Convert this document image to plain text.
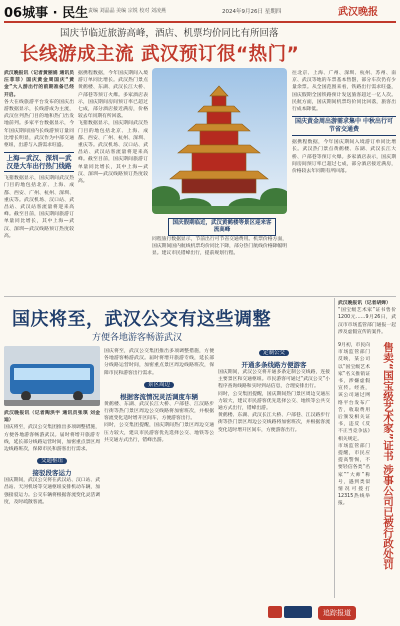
06城事 · 民生 责编 刘晶晶 美编 宗锐 校对 刘凌燕	2024年9月26日 星期四	武汉晚报
国庆节临近旅游高峰，酒店、机票均价同比有所回落
长线游成主流 武汉预订很“热门”
武汉晚报讯（记者黄丽娟 通讯员汪菲菲）国庆黄金周国庆“黄金”大人游出行的前期准备已经开启。
各大在线旅游平台发布的国庆出游数据显示，长线游成为主流，武汉位列热门目的地和热门出发地前列。多家平台数据显示，今年国庆期间国内长线游预订量同比增长明显，武汉作为中部交通枢纽，出游与入游需求旺盛。
上海—武汉、深圳—武汉是大车出行热门线路
飞猪数据显示，国庆期间武汉热门目的地包括北京、上海、成都、西安、广州、杭州、深圳、重庆等。武汉机场、汉口站、武昌站、武汉站客流量将迎来高峰。截至目前，国庆期间旅游订单量同比增长，其中上海—武汉、深圳—武汉线路预订热度较高。
据携程数据，今年国庆期间入境游订单同比增长。武汉热门景点黄鹤楼、东湖、武汉长江大桥、户部巷等预订火爆。多家酒店表示，国庆期间房间预订率已超过七成，部分酒店接近满房，价格较去年同期有所回落。
飞猪数据显示，国庆期间武汉热门目的地包括北京、上海、成都、西安、广州、杭州、深圳、重庆等。武汉机场、汉口站、武昌站、武汉站客流量将迎来高峰。截至目前，国庆期间旅游订单量同比增长，其中上海—武汉、深圳—武汉线路预订热度较高。
国庆假期临近，武汉黄鹤楼等景区迎来客流高峰
同程旅行数据显示，节前出行可节省交通费用。机票价格方面，国庆期间国内航线机票均价同比下降，部分热门航线价格降幅明显。建议市民错峰出行，提前规划行程。
往北京、上海、广州、深圳、杭州、苏州、南京、武汉等地的车票基本售罄，部分车次仍有少量余票。从全国范围来看，铁路出行需求旺盛，国庆假期全国铁路预计发送旅客超过一亿人次。民航方面，国庆期间机票均价同比回落，旅客出行成本降低。
国庆黄金周出游需求集中 中秋出行可节省交通费
据携程数据，今年国庆期间入境游订单同比增长。武汉热门景点黄鹤楼、东湖、武汉长江大桥、户部巷等预订火爆。多家酒店表示，国庆期间房间预订率已超过七成，部分酒店接近满房，价格较去年同期有所回落。
国庆将至，武汉公交有这些调整
方便各地游客畅游武汉
武汉晚报讯（记者陶洪宇 通讯员张琪 刘金迪）
国庆将至，武汉公交集团推出多项调整措施，方便各地游客畅游武汉。届时将增开旅游专线，延长部分线路运营时间，加密重点景区周边线路班次，保障市民和游客出行需求。
交通枢纽
接驳段客运力
国庆期间，武汉公交将在武汉站、汉口站、武昌站、天河机场等交通枢纽安排机动车辆，加强接驳运力。公交车辆将根据客流变化灵活调度，及时疏散客流。
国庆将至，武汉公交集团推出多项调整措施，方便各地游客畅游武汉。届时将增开旅游专线，延长部分线路运营时间，加密重点景区周边线路班次，保障市民和游客出行需求。
景区周边
根据客流情况灵活调度车辆
黄鹤楼、东湖、武汉长江大桥、户部巷、江汉路步行街等热门景区周边公交线路将加密班次，并根据客流变化适时增开区间车，方便游客出行。
同时，公交集团提醒，国庆期间热门景区周边交通压力较大，建议市民游客优先选择公交、地铁等公共交通方式出行，错峰出游。
定制公交
开通多条线路方便游客
国庆期间，武汉公交将开通多条定制公交线路，连接主要景区和交通枢纽。市民游客可通过“武汉公交”小程序查询线路和实时到站信息，合理安排出行。
同时，公交集团提醒，国庆期间热门景区周边交通压力较大，建议市民游客优先选择公交、地铁等公共交通方式出行，错峰出游。
黄鹤楼、东湖、武汉长江大桥、户部巷、江汉路步行街等热门景区周边公交线路将加密班次，并根据客流变化适时增开区间车，方便游客出行。
武汉晚报讯（记者胡婵）
“国宝级艺术家”证书售价1200元……9月26日，武汉市市场监管部门通报一起涉及虚假宣传的案件。
售卖“国宝级艺术家”证书 涉事公司已被行政处罚
9月初，市民向市场监管部门反映，某公司以“国宝级艺术家”名义推销证书，涉嫌虚假宣传。经查，该公司通过网络平台发布广告，收取费用后颁发相关证书，违反《反不正当竞争法》相关规定。
市场监管部门提醒，市民应提高警惕，不要轻信各类“名家”“大师”称号，遇到类似情况可拨打12315热线举报。
追踪报道
